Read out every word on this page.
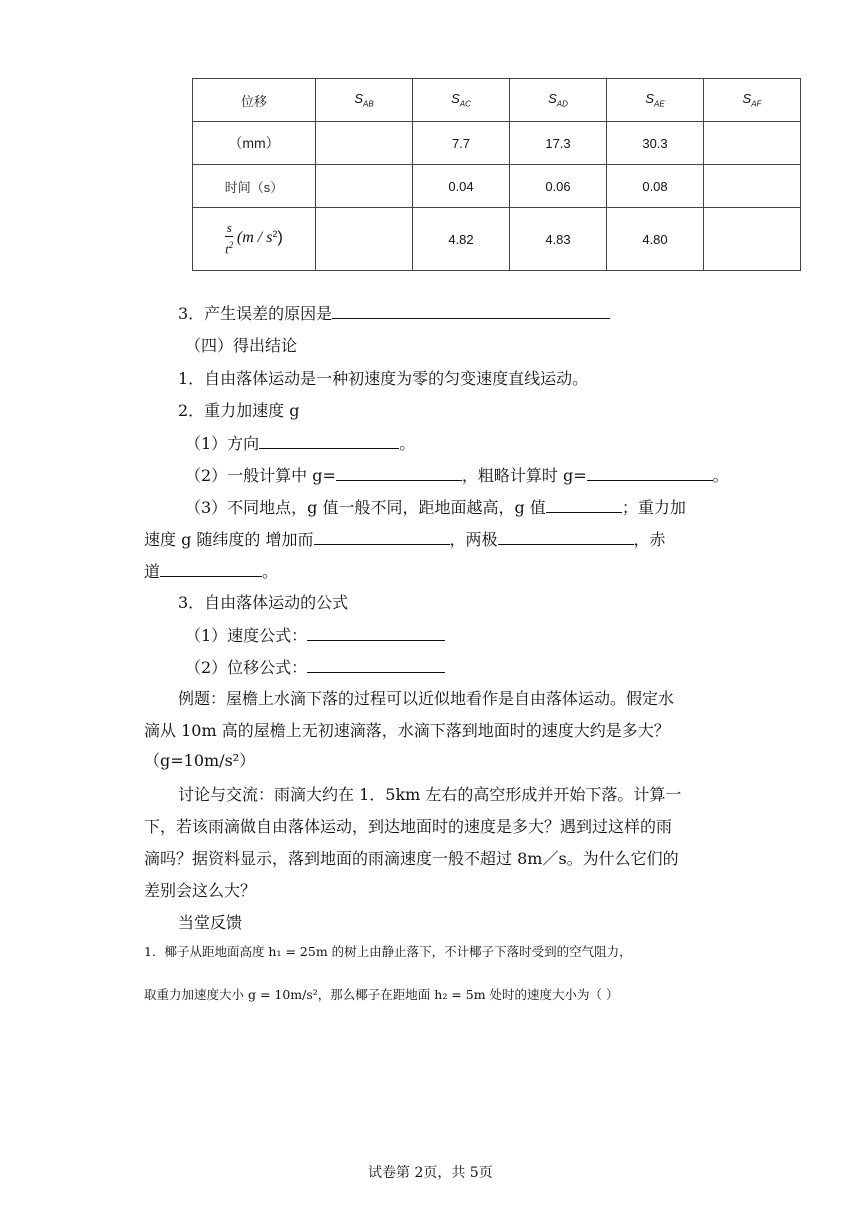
位移	$S_{AB}$	$S_{AC}$	$S_{AD}$	$S_{AE}$	$S_{AF}$
（mm）		7.7	17.3	30.3	
时间（s）		0.04	0.06	0.08	

$\frac{s}{t^2} (m / s^2)$		4.82	4.83	4.80	
3．产生误差的原因是
（四）得出结论
1．自由落体运动是一种初速度为零的匀变速度直线运动。
2．重力加速度 g
（1）方向	。
（2）一般计算中 g=	，粗略计算时 g=	。
（3）不同地点，g 值一般不同，距地面越高，g 值	；重力加
速度 g 随纬度的 增加而	，两极	，赤
道	。
3．自由落体运动的公式
（1）速度公式：
（2）位移公式：
例题：屋檐上水滴下落的过程可以近似地看作是自由落体运动。假定水
滴从 10m 高的屋檐上无初速滴落，水滴下落到地面时的速度大约是多大？
（g=10m/s²）
讨论与交流：雨滴大约在 1．5km 左右的高空形成并开始下落。计算一
下，若该雨滴做自由落体运动，到达地面时的速度是多大？遇到过这样的雨
滴吗？据资料显示，落到地面的雨滴速度一般不超过 8m／s。为什么它们的
差别会这么大？
当堂反馈
1．椰子从距地面高度 h₁ = 25m 的树上由静止落下，不计椰子下落时受到的空气阻力，
取重力加速度大小 g = 10m/s²，那么椰子在距地面 h₂ = 5m 处时的速度大小为（ ）
试卷第 2页，共 5页
